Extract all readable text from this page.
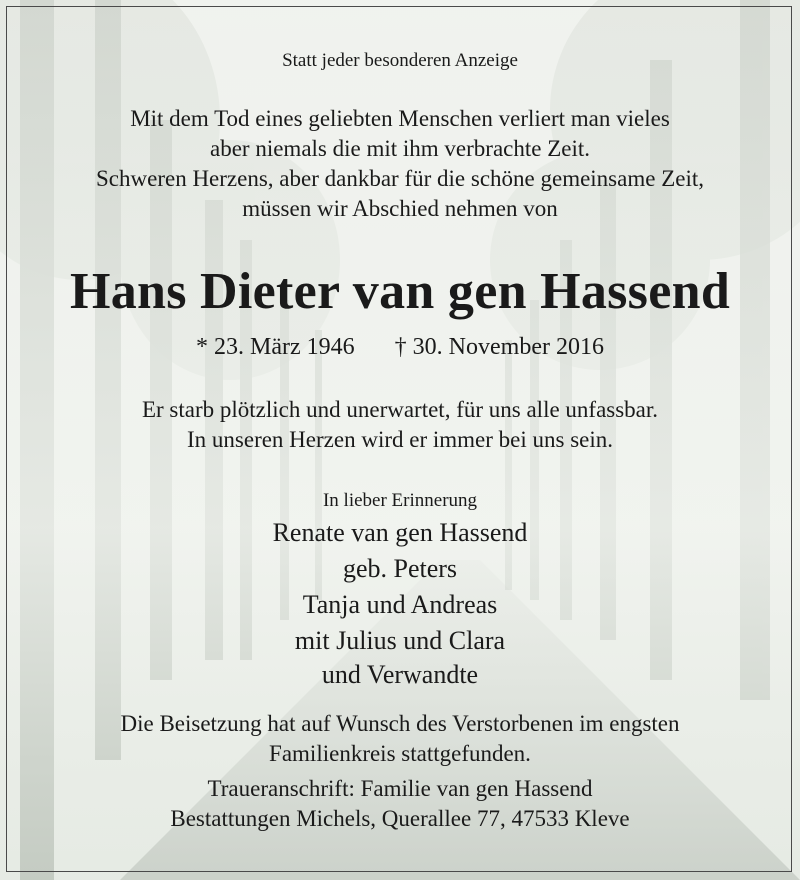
Statt jeder besonderen Anzeige
Mit dem Tod eines geliebten Menschen verliert man vieles
aber niemals die mit ihm verbrachte Zeit.
Schweren Herzens, aber dankbar für die schöne gemeinsame Zeit,
müssen wir Abschied nehmen von
Hans Dieter van gen Hassend
* 23. März 1946 † 30. November 2016
Er starb plötzlich und unerwartet, für uns alle unfassbar.
In unseren Herzen wird er immer bei uns sein.
In lieber Erinnerung
Renate van gen Hassend
geb. Peters
Tanja und Andreas
mit Julius und Clara
und Verwandte
Die Beisetzung hat auf Wunsch des Verstorbenen im engsten
Familienkreis stattgefunden.
Traueranschrift: Familie van gen Hassend
Bestattungen Michels, Querallee 77, 47533 Kleve
